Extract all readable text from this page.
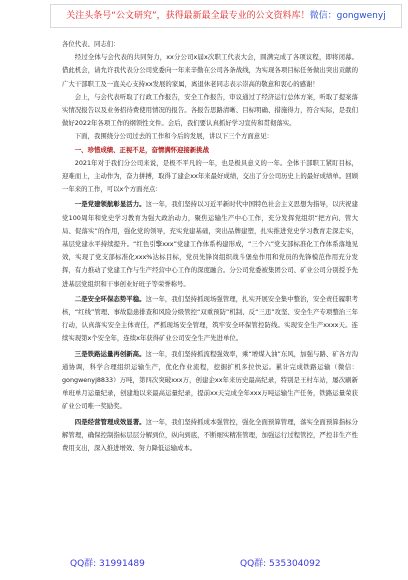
关注头条号“公文研究”，获得最新最全最专业的公文资料库！微信：gongwenyj

各位代表、同志们：

经过全体与会代表的共同努力，xx分公司x届x次职工代表大会，圆满完成了各项议程，即将闭幕。借此机会，请允许我代表分公司党委向一年来辛勤在公司各条战线，为实现各项目标任务做出突出贡献的广大干部职工及一直关心支持xx发展的家属，离退休老同志表示崇高的敬意和衷心的感谢！

会上，与会代表听取了行政工作报告，安全工作报告，审议通过了经济运行总体方案，听取了提案落实情况报告以及业务招待费使用情况的报告。各报告思路清晰、目标明确、措施得力，符合实际，是我们做好2022年各项工作的纲领性文件。会后，我们要认真抓好学习宣传和贯彻落实。

下面，我围绕分公司过去的工作和今后的发展，讲以下三个方面意见：

一、珍惜成绩、正视不足，奋情满怀迎接新挑战

2021年对于我们分公司来说，是极不平凡的一年，也是极具意义的一年。全体干部职工紧盯目标，迎难而上，主动作为，奋力拼搏，取得了建企xx年来最好成绩，交出了分公司历史上的最好成绩单。回顾一年来的工作，可以x个方面亮点：

一是党建领航彰显活力。这一年，我们坚持以习近平新时代中国特色社会主义思想为指导，以庆祝建党100周年和党史学习教育为强大政治动力，聚焦运输生产中心工作，充分发挥党组织“把方向、管大局、促落实”的作用，强化党的领导，充实党建基础，突出品牌建塑，扎实推进党史学习教育走深走实，基层党建水平持续提升。“红色引擎xxx”党建工作体系构建形成，“三个六”党支部标准化工作体系落地见效，实现了党支部标准化xxx%达标目标，党员先锋岗组织战斗堡垒作用和党员的先锋模范作用充分发挥，有力推动了党建工作与生产经营中心工作的深度融合。分公司党委被集团公司、矿业公司分别授予先进基层党组织和干事创业好班子等荣誉称号。

二是安全环保态势平稳。这一年，我们坚持抓现场强管理，扎实开展安全集中整治，安全责任履职考核，“红线”管理、事故隐患排查和风险分级管控“双重预防”机制、反“三违”攻坚、安全生产专项整治三年行动，认真落实安全主体责任，严抓现场安全管理，筑牢安全环保管控防线。实现安全生产xxxx天。连续实现第x个安全年，连续x年获得矿业公司安全生产先进单位。

三是铁路运量再创新高。这一年，我们坚持抓流程强效率，乘“增煤入油”东风，加强与路、矿各方沟通协调，科学合理组织运输生产，优化作业流程，挖掘扩机多拉快运。累计完成铁路运输（微信：gongwenyj8833）万吨，第四次突破xxx万，创建企xx年来历史最高纪录，特别是王村车站，屡次刷新单班单月运量纪录，创建地以来最高运量纪录，提前xx天完成全年xxx万吨运输生产任务，铁路运量荣获矿业公司唯一奖励奖。

四是经营管理成效显著。这一年，我们坚持抓成本强管控，强化全面预算管理，落实全面预算指标分解管理，确保控制指标层层分解到位，纵向到底，不断细实精准管理，加强运行过程管控，严控非生产性费用支出，深入推进增效、努力降低运输成本。

QQ群: 31991489	QQ群: 535304092
